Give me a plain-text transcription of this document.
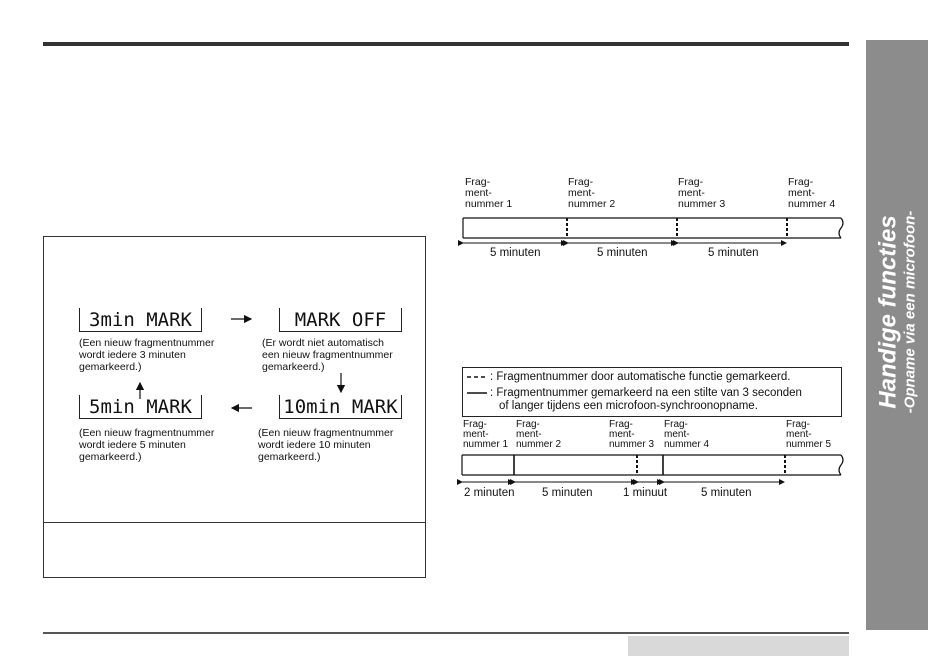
Handige functies -Opname via een microfoon-
3min MARK
(Een nieuw fragmentnummer
wordt iedere 3 minuten
gemarkeerd.)
MARK OFF
(Er wordt niet automatisch
een nieuw fragmentnummer
gemarkeerd.)
5min MARK
(Een nieuw fragmentnummer
wordt iedere 5 minuten
gemarkeerd.)
10min MARK
(Een nieuw fragmentnummer
wordt iedere 10 minuten
gemarkeerd.)
Frag-
ment-
nummer 1
Frag-
ment-
nummer 2
Frag-
ment-
nummer 3
Frag-
ment-
nummer 4
5 minuten	5 minuten	5 minuten
: Fragmentnummer door automatische functie gemarkeerd.
: Fragmentnummer gemarkeerd na een stilte van 3 seconden
of langer tijdens een microfoon-synchroonopname.
Frag-
ment-
nummer 1
Frag-
ment-
nummer 2
Frag-
ment-
nummer 3
Frag-
ment-
nummer 4
Frag-
ment-
nummer 5
2 minuten 5 minuten	1 minuut	5 minuten
